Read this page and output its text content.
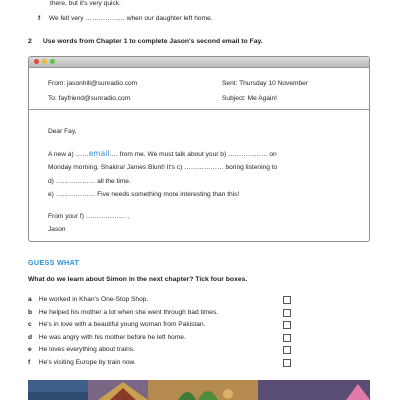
there, but it's very quick.
f We felt very ……………… when our daughter left home.
2 Use words from Chapter 1 to complete Jason's second email to Fay.
From: jasonhill@sunradio.com
To: fayfriend@sunradio.com
Sent: Thursday 10 November
Subject: Me Again!
Dear Fay,
A new a) ……email…. from me. We must talk about your b) ……………… on
Monday morning. Shakira! James Blunt! It's c) ……………… boring listening to
d) ……………… all the time.
e) ……………… Five needs something more interesting than this!
From your f) ……………… ,
Jason
GUESS WHAT
What do we learn about Simon in the next chapter? Tick four boxes.
a He worked in Khan's One-Stop Shop.
b He helped his mother a lot when she went through bad times.
c He's in love with a beautiful young woman from Pakistan.
d He was angry with his mother before he left home.
e He loves everything about trains.
f He's visiting Europe by train now.
